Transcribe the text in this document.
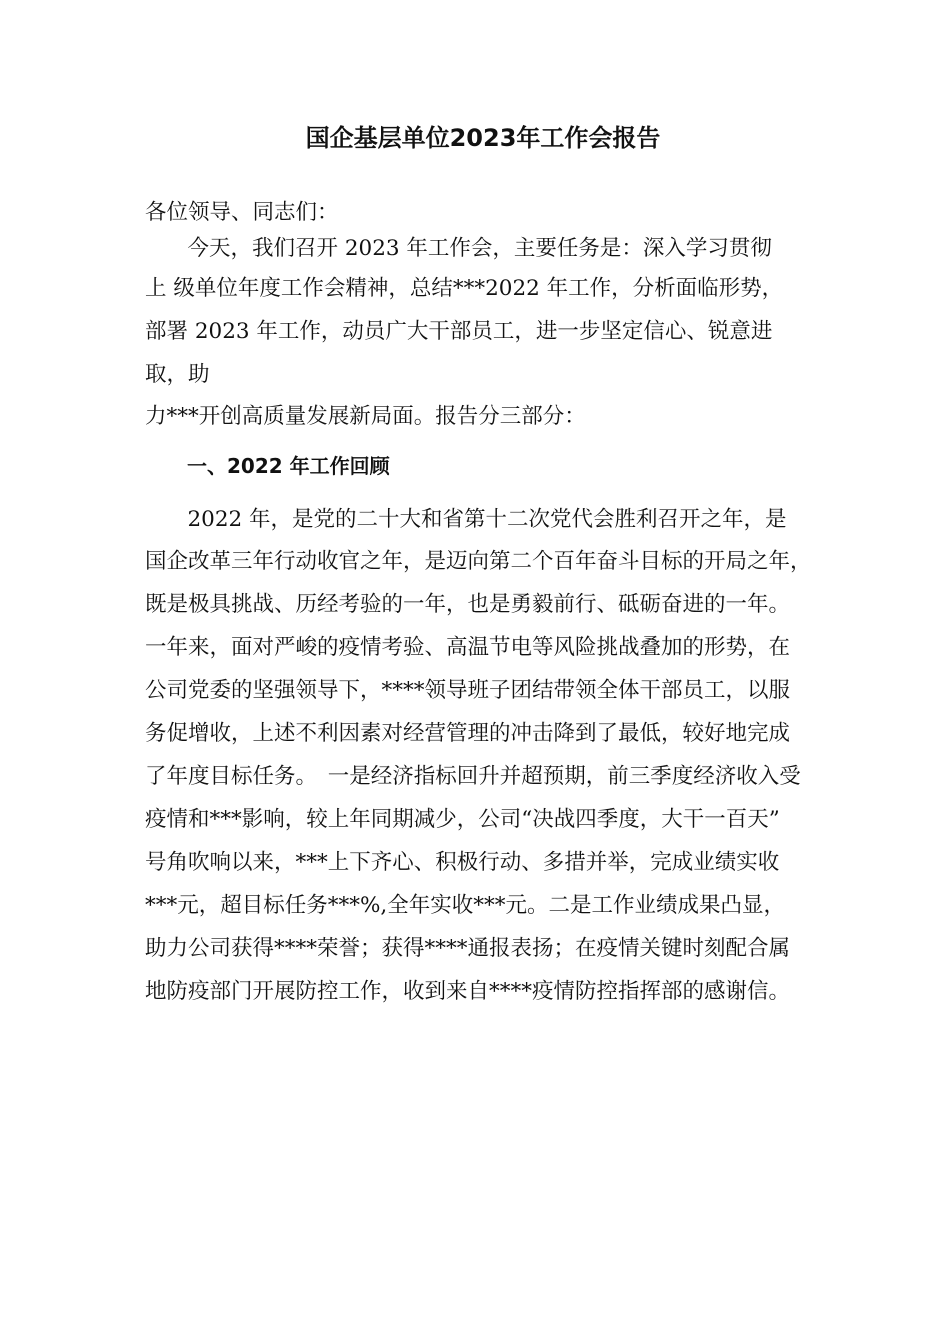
国企基层单位2023年工作会报告
各位领导、同志们：
　今天，我们召开 2023 年工作会，主要任务是：深入学习贯彻
上 级单位年度工作会精神，总结***2022 年工作，分析面临形势，
部署 2023 年工作，动员广大干部员工，进一步坚定信心、锐意进
取，助
力***开创高质量发展新局面。报告分三部分：
一、2022 年工作回顾
　2022 年，是党的二十大和省第十二次党代会胜利召开之年，是
国企改革三年行动收官之年，是迈向第二个百年奋斗目标的开局之年，
既是极具挑战、历经考验的一年，也是勇毅前行、砥砺奋进的一年。
一年来，面对严峻的疫情考验、高温节电等风险挑战叠加的形势，在
公司党委的坚强领导下，****领导班子团结带领全体干部员工，以服
务促增收，上述不利因素对经营管理的冲击降到了最低，较好地完成
了年度目标任务。　一是经济指标回升并超预期，前三季度经济收入受
疫情和***影响，较上年同期减少，公司“决战四季度，大干一百天”
号角吹响以来，***上下齐心、积极行动、多措并举，完成业绩实收
***元，超目标任务***%,全年实收***元。二是工作业绩成果凸显，
助力公司获得****荣誉；获得****通报表扬；在疫情关键时刻配合属
地防疫部门开展防控工作，收到来自****疫情防控指挥部的感谢信。
